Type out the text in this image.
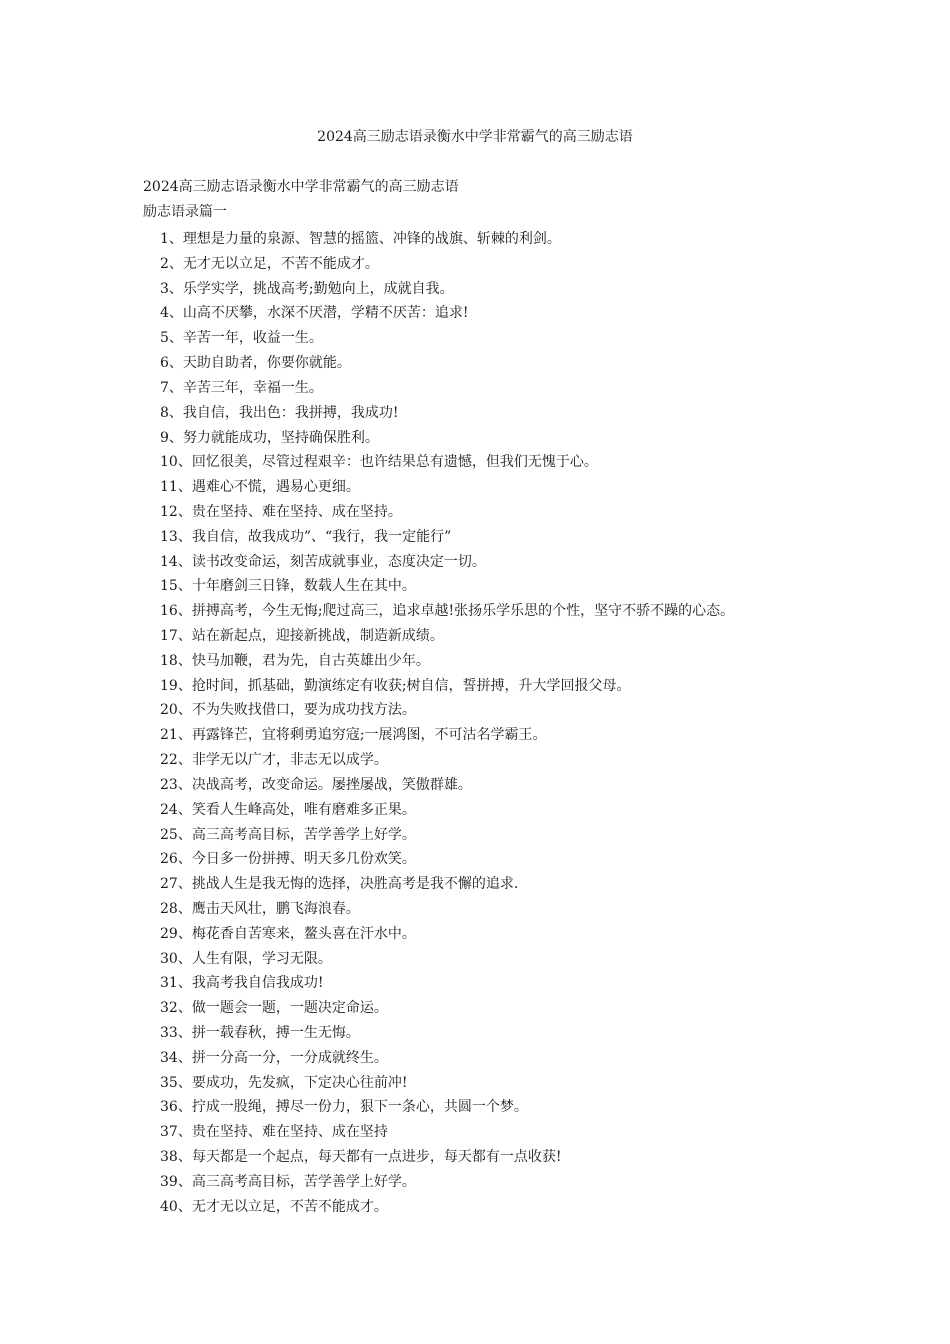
2024高三励志语录衡水中学非常霸气的高三励志语

2024高三励志语录衡水中学非常霸气的高三励志语

励志语录篇一

1、理想是力量的泉源、智慧的摇篮、冲锋的战旗、斩棘的利剑。
2、无才无以立足，不苦不能成才。
3、乐学实学，挑战高考;勤勉向上，成就自我。
4、山高不厌攀，水深不厌潜，学精不厌苦：追求!
5、辛苦一年，收益一生。
6、天助自助者，你要你就能。
7、辛苦三年，幸福一生。
8、我自信，我出色：我拼搏，我成功!
9、努力就能成功，坚持确保胜利。
10、回忆很美，尽管过程艰辛：也许结果总有遗憾，但我们无愧于心。
11、遇难心不慌，遇易心更细。
12、贵在坚持、难在坚持、成在坚持。
13、我自信，故我成功”、“我行，我一定能行”
14、读书改变命运，刻苦成就事业，态度决定一切。
15、十年磨剑三日锋，数载人生在其中。
16、拼搏高考，今生无悔;爬过高三，追求卓越!张扬乐学乐思的个性，坚守不骄不躁的心态。
17、站在新起点，迎接新挑战，制造新成绩。
18、快马加鞭，君为先，自古英雄出少年。
19、抢时间，抓基础，勤演练定有收获;树自信，誓拼搏，升大学回报父母。
20、不为失败找借口，要为成功找方法。
21、再露锋芒，宜将剩勇追穷寇;一展鸿图，不可沽名学霸王。
22、非学无以广才，非志无以成学。
23、决战高考，改变命运。屡挫屡战，笑傲群雄。
24、笑看人生峰高处，唯有磨难多正果。
25、高三高考高目标，苦学善学上好学。
26、今日多一份拼搏、明天多几份欢笑。
27、挑战人生是我无悔的选择，决胜高考是我不懈的追求.
28、鹰击天风壮，鹏飞海浪春。
29、梅花香自苦寒来，鳌头喜在汗水中。
30、人生有限，学习无限。
31、我高考我自信我成功!
32、做一题会一题，一题决定命运。
33、拼一载春秋，搏一生无悔。
34、拼一分高一分，一分成就终生。
35、要成功，先发疯，下定决心往前冲!
36、拧成一股绳，搏尽一份力，狠下一条心，共圆一个梦。
37、贵在坚持、难在坚持、成在坚持
38、每天都是一个起点，每天都有一点进步，每天都有一点收获!
39、高三高考高目标，苦学善学上好学。
40、无才无以立足，不苦不能成才。
